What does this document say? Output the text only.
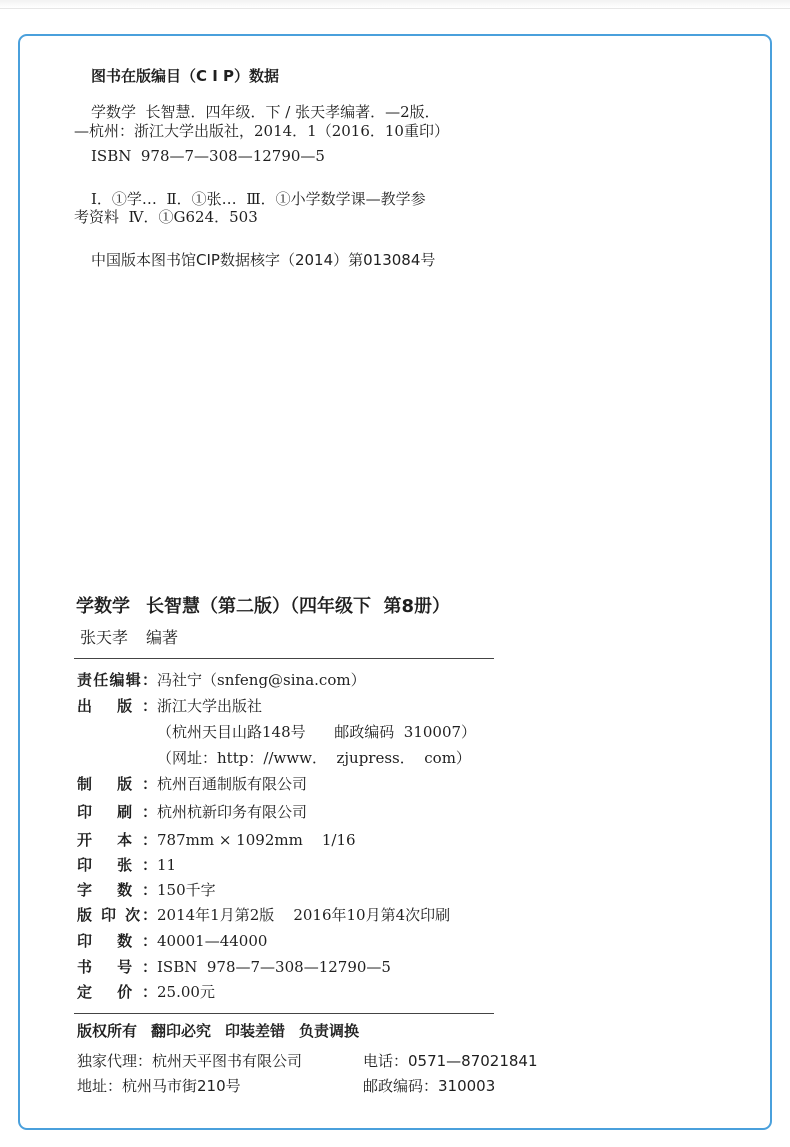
图书在版编目（C I P）数据
学数学  长智慧．四年级．下 / 张天孝编著．—2版．
—杭州：浙江大学出版社，2014．1（2016．10重印）
ISBN  978—7—308—12790—5
Ⅰ．①学…  Ⅱ．①张…  Ⅲ．①小学数学课—教学参
考资料  Ⅳ．①G624．503
中国版本图书馆CIP数据核字（2014）第013084号
学数学 长智慧（第二版）（四年级下  第8册）
张天孝 编著
责任编辑： 冯社宁（snfeng@sina.com）
出 版： 浙江大学出版社
（杭州天目山路148号      邮政编码  310007）
（网址：http：//www．  zjupress．  com）
制 版： 杭州百通制版有限公司
印 刷： 杭州杭新印务有限公司
开 本： 787mm × 1092mm    1/16
印 张： 11
字 数： 150千字
版 印 次： 2014年1月第2版    2016年10月第4次印刷
印 数： 40001—44000
书 号： ISBN  978—7—308—12790—5
定 价： 25.00元
版权所有 翻印必究 印装差错 负责调换
独家代理：杭州天平图书有限公司	电话：0571—87021841
地址：杭州马市街210号	邮政编码：310003
